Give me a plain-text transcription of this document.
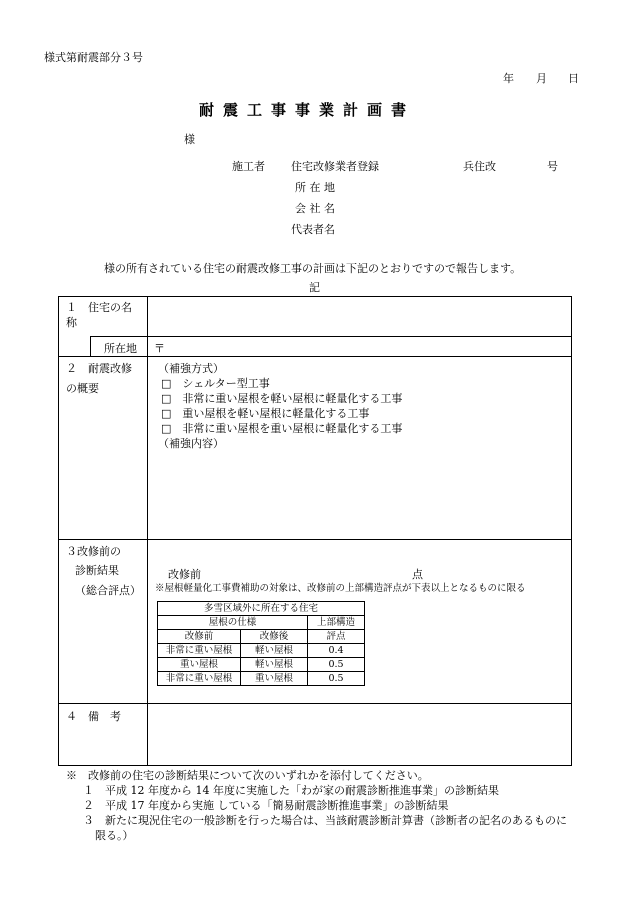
様式第耐震部分３号
年 月 日
耐震工事事業計画書
様
施工者 住宅改修業者登録	兵住改	号
所 在 地
会 社 名
代表者名
様の所有されている住宅の耐震改修工事の計画は下記のとおりですので報告します。
記
１　住宅の名
称
所在地 〒
２　耐震改修
の概要
（補強方式）
□　シェルター型工事
□　非常に重い屋根を軽い屋根に軽量化する工事
□　重い屋根を軽い屋根に軽量化する工事
□　非常に重い屋根を重い屋根に軽量化する工事
（補強内容）
３改修前の
診断結果
（総合評点）
改修前	点
※屋根軽量化工事費補助の対象は、改修前の上部構造評点が下表以上となるものに限る
多雪区域外に所在する住宅		
屋根の仕様		上部構造
改修前	改修後	評点
非常に重い屋根	軽い屋根	0.4
重い屋根	軽い屋根	0.5
非常に重い屋根	重い屋根	0.5
４　備　考
※　改修前の住宅の診断結果について次のいずれかを添付してください。
１　平成 12 年度から 14 年度に実施した「わが家の耐震診断推進事業」の診断結果
２　平成 17 年度から実施 している「簡易耐震診断推進事業」の診断結果
３　新たに現況住宅の一般診断を行った場合は、当該耐震診断計算書（診断者の記名のあるものに
限る。）
